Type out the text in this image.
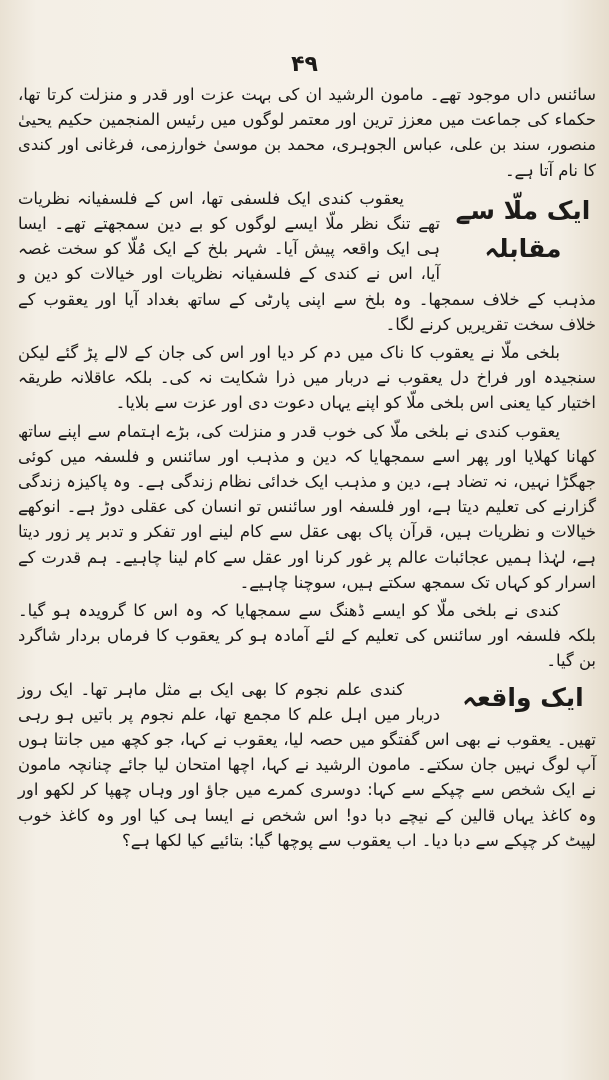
۴۹

سائنس داں موجود تھے۔ مامون الرشید ان کی بہت عزت اور قدر و منزلت کرتا تھا، حکماء کی جماعت میں معزز ترین اور معتمر لوگوں میں رئیس المنجمین حکیم یحییٰ منصور، سند بن علی، عباس الجوہری، محمد بن موسیٰ خوارزمی، فرغانی اور کندی کا نام آتا ہے۔

ایک ملّا سے مقابلہ

یعقوب کندی ایک فلسفی تھا، اس کے فلسفیانہ نظریات تھے تنگ نظر ملّا ایسے لوگوں کو بے دین سمجھتے تھے۔ ایسا ہی ایک واقعہ پیش آیا۔ شہر بلخ کے ایک مُلّا کو سخت غصہ آیا، اس نے کندی کے فلسفیانہ نظریات اور خیالات کو دین و مذہب کے خلاف سمجھا۔ وہ بلخ سے اپنی پارٹی کے ساتھ بغداد آیا اور یعقوب کے خلاف سخت تقریریں کرنے لگا۔

بلخی ملّا نے یعقوب کا ناک میں دم کر دیا اور اس کی جان کے لالے پڑ گئے لیکن سنجیدہ اور فراخ دل یعقوب نے دربار میں ذرا شکایت نہ کی۔ بلکہ عاقلانہ طریقہ اختیار کیا یعنی اس بلخی ملّا کو اپنے یہاں دعوت دی اور عزت سے بلایا۔

یعقوب کندی نے بلخی ملّا کی خوب قدر و منزلت کی، بڑے اہتمام سے اپنے ساتھ کھانا کھلایا اور پھر اسے سمجھایا کہ دین و مذہب اور سائنس و فلسفہ میں کوئی جھگڑا نہیں، نہ تضاد ہے، دین و مذہب ایک خدائی نظام زندگی ہے۔ وہ پاکیزہ زندگی گزارنے کی تعلیم دیتا ہے، اور فلسفہ اور سائنس تو انسان کی عقلی دوڑ ہے۔ انوکھے خیالات و نظریات ہیں، قرآن پاک بھی عقل سے کام لینے اور تفکر و تدبر پر زور دیتا ہے، لہٰذا ہمیں عجائبات عالم پر غور کرنا اور عقل سے کام لینا چاہیے۔ ہم قدرت کے اسرار کو کہاں تک سمجھ سکتے ہیں، سوچنا چاہیے۔

کندی نے بلخی ملّا کو ایسے ڈھنگ سے سمجھایا کہ وہ اس کا گرویدہ ہو گیا۔ بلکہ فلسفہ اور سائنس کی تعلیم کے لئے آمادہ ہو کر یعقوب کا فرماں بردار شاگرد بن گیا۔

ایک واقعہ

کندی علم نجوم کا بھی ایک بے مثل ماہر تھا۔ ایک روز دربار میں اہل علم کا مجمع تھا، علم نجوم پر باتیں ہو رہی تھیں۔ یعقوب نے بھی اس گفتگو میں حصہ لیا، یعقوب نے کہا، جو کچھ میں جانتا ہوں آپ لوگ نہیں جان سکتے۔ مامون الرشید نے کہا، اچھا امتحان لیا جائے چنانچہ مامون نے ایک شخص سے چپکے سے کہا: دوسری کمرے میں جاؤ اور وہاں چھپا کر لکھو اور وہ کاغذ یہاں قالین کے نیچے دبا دو! اس شخص نے ایسا ہی کیا اور وہ کاغذ خوب لپیٹ کر چپکے سے دبا دیا۔ اب یعقوب سے پوچھا گیا: بتائیے کیا لکھا ہے؟
